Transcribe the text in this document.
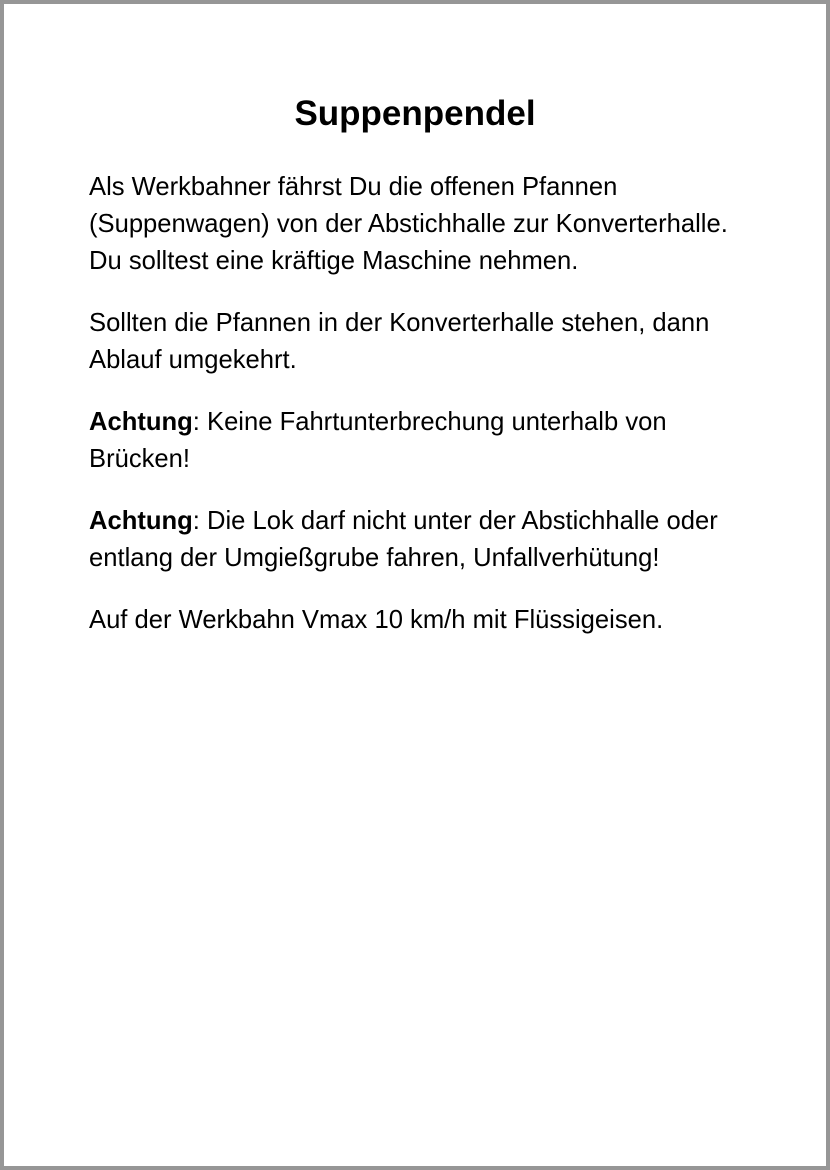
Suppenpendel

Als Werkbahner fährst Du die offenen Pfannen (Suppenwagen) von der Abstichhalle zur Konverterhalle. Du solltest eine kräftige Maschine nehmen.

Sollten die Pfannen in der Konverterhalle stehen, dann Ablauf umgekehrt.

Achtung: Keine Fahrtunterbrechung unterhalb von Brücken!

Achtung: Die Lok darf nicht unter der Abstichhalle oder entlang der Umgießgrube fahren, Unfallverhütung!

Auf der Werkbahn Vmax 10 km/h mit Flüssigeisen.
